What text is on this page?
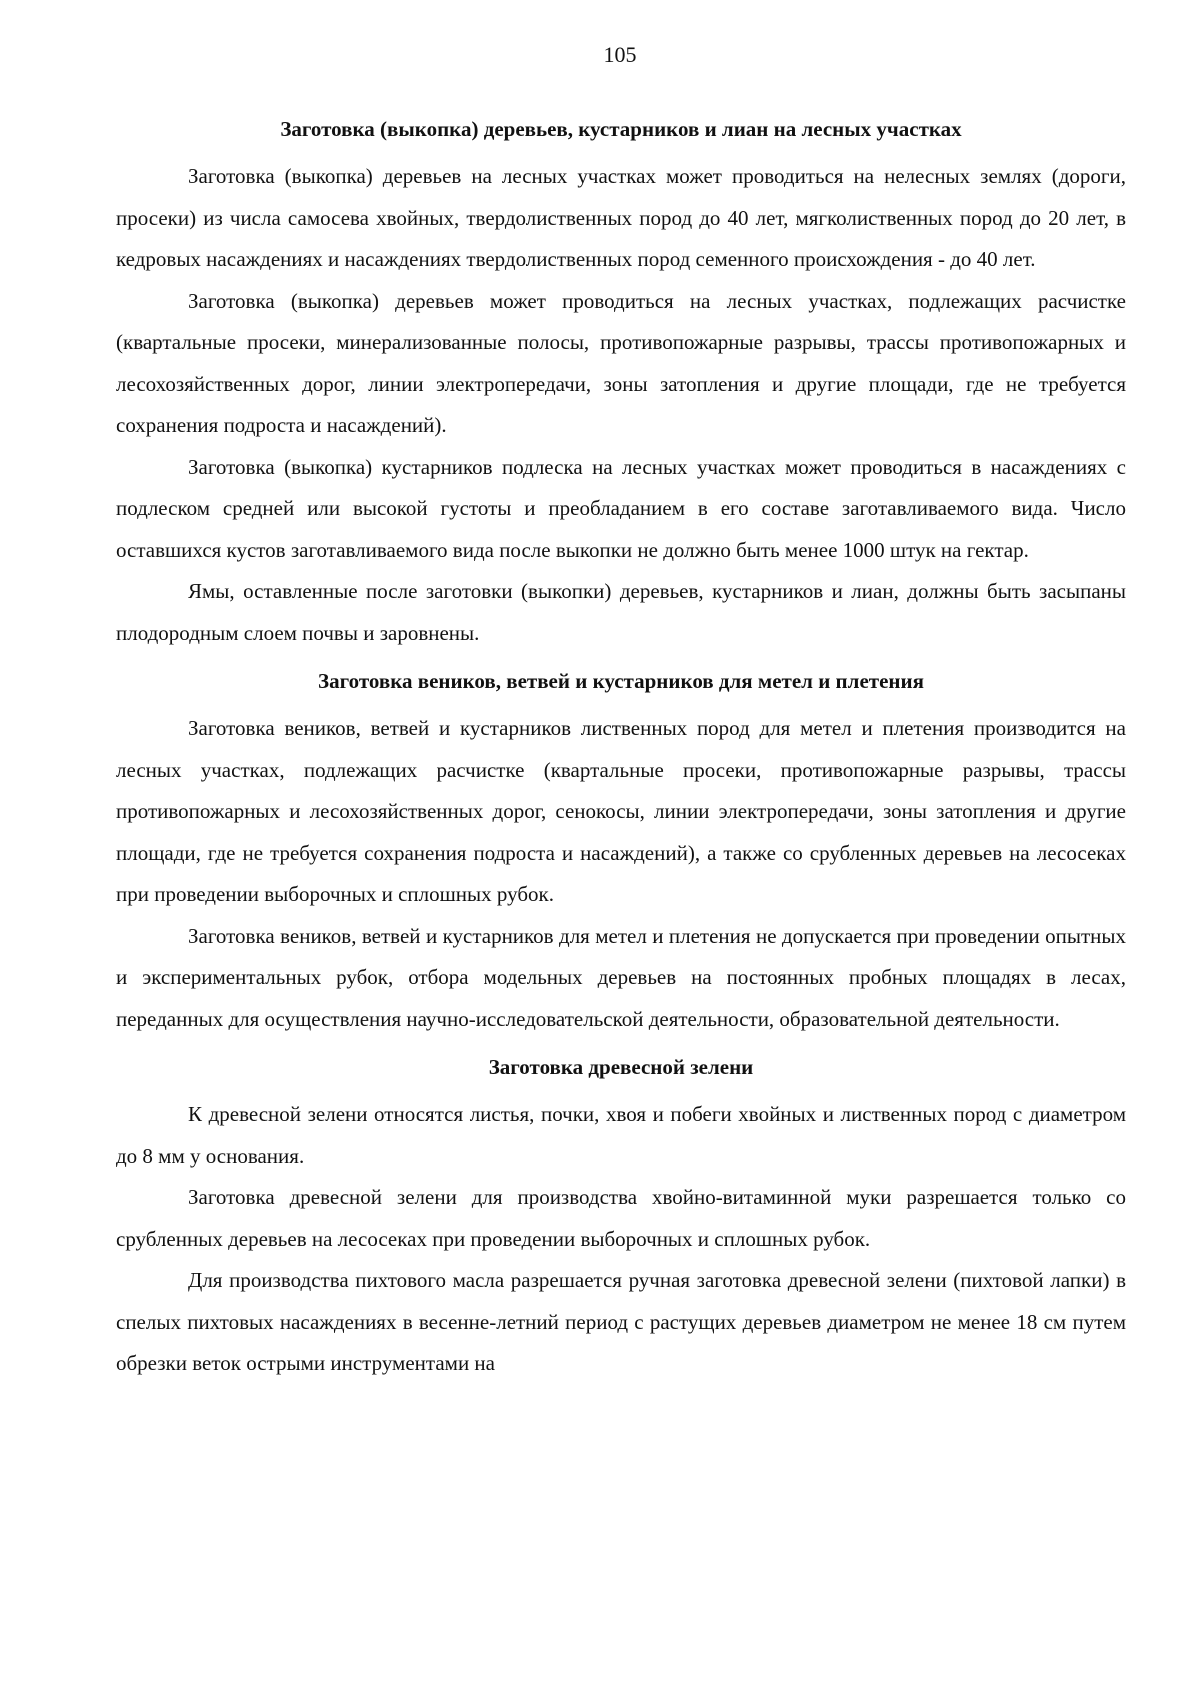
105
Заготовка (выкопка) деревьев, кустарников и лиан на лесных участках

Заготовка (выкопка) деревьев на лесных участках может проводиться на нелесных землях (дороги, просеки) из числа самосева хвойных, твердолиственных пород до 40 лет, мягколиственных пород до 20 лет, в кедровых насаждениях и насаждениях твердолиственных пород семенного происхождения - до 40 лет.

Заготовка (выкопка) деревьев может проводиться на лесных участках, подлежащих расчистке (квартальные просеки, минерализованные полосы, противопожарные разрывы, трассы противопожарных и лесохозяйственных дорог, линии электропередачи, зоны затопления и другие площади, где не требуется сохранения подроста и насаждений).

Заготовка (выкопка) кустарников подлеска на лесных участках может проводиться в насаждениях с подлеском средней или высокой густоты и преобладанием в его составе заготавливаемого вида. Число оставшихся кустов заготавливаемого вида после выкопки не должно быть менее 1000 штук на гектар.

Ямы, оставленные после заготовки (выкопки) деревьев, кустарников и лиан, должны быть засыпаны плодородным слоем почвы и заровнены.

Заготовка веников, ветвей и кустарников для метел и плетения

Заготовка веников, ветвей и кустарников лиственных пород для метел и плетения производится на лесных участках, подлежащих расчистке (квартальные просеки, противопожарные разрывы, трассы противопожарных и лесохозяйственных дорог, сенокосы, линии электропередачи, зоны затопления и другие площади, где не требуется сохранения подроста и насаждений), а также со срубленных деревьев на лесосеках при проведении выборочных и сплошных рубок.

Заготовка веников, ветвей и кустарников для метел и плетения не допускается при проведении опытных и экспериментальных рубок, отбора модельных деревьев на постоянных пробных площадях в лесах, переданных для осуществления научно-исследовательской деятельности, образовательной деятельности.

Заготовка древесной зелени

К древесной зелени относятся листья, почки, хвоя и побеги хвойных и лиственных пород с диаметром до 8 мм у основания.

Заготовка древесной зелени для производства хвойно-витаминной муки разрешается только со срубленных деревьев на лесосеках при проведении выборочных и сплошных рубок.

Для производства пихтового масла разрешается ручная заготовка древесной зелени (пихтовой лапки) в спелых пихтовых насаждениях в весенне-летний период с растущих деревьев диаметром не менее 18 см путем обрезки веток острыми инструментами на
